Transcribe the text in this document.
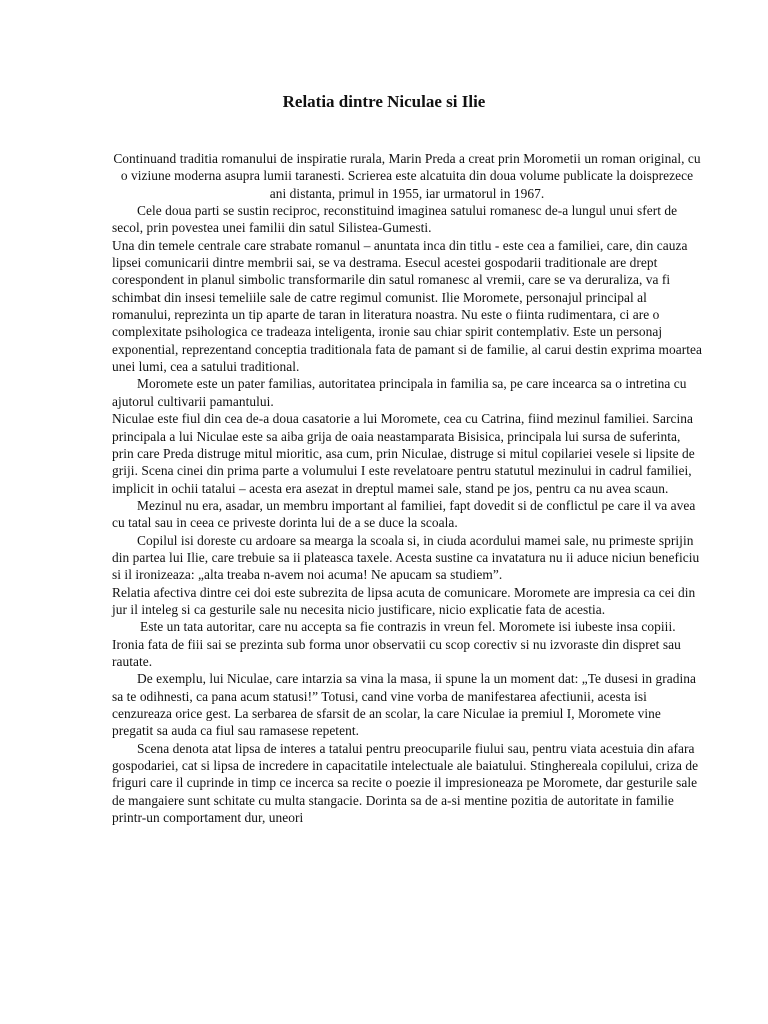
Relatia dintre Niculae si Ilie

Continuand traditia romanului de inspiratie rurala, Marin Preda a creat prin Morometii un roman original, cu o viziune moderna asupra lumii taranesti. Scrierea este alcatuita din doua volume publicate la doisprezece ani distanta, primul in 1955, iar urmatorul in 1967.

Cele doua parti se sustin reciproc, reconstituind imaginea satului romanesc de-a lungul unui sfert de secol, prin povestea unei familii din satul Silistea-Gumesti.

Una din temele centrale care strabate romanul – anuntata inca din titlu - este cea a familiei, care, din cauza lipsei comunicarii dintre membrii sai, se va destrama. Esecul acestei gospodarii traditionale are drept corespondent in planul simbolic transformarile din satul romanesc al vremii, care se va deruraliza, va fi schimbat din insesi temeliile sale de catre regimul comunist. Ilie Moromete, personajul principal al romanului, reprezinta un tip aparte de taran in literatura noastra. Nu este o fiinta rudimentara, ci are o complexitate psihologica ce tradeaza inteligenta, ironie sau chiar spirit contemplativ. Este un personaj exponential, reprezentand conceptia traditionala fata de pamant si de familie, al carui destin exprima moartea unei lumi, cea a satului traditional.

Moromete este un pater familias, autoritatea principala in familia sa, pe care incearca sa o intretina cu ajutorul cultivarii pamantului.

Niculae este fiul din cea de-a doua casatorie a lui Moromete, cea cu Catrina, fiind mezinul familiei. Sarcina principala a lui Niculae este sa aiba grija de oaia neastamparata Bisisica, principala lui sursa de suferinta, prin care Preda distruge mitul mioritic, asa cum, prin Niculae, distruge si mitul copilariei vesele si lipsite de griji. Scena cinei din prima parte a volumului I este revelatoare pentru statutul mezinului in cadrul familiei, implicit in ochii tatalui – acesta era asezat in dreptul mamei sale, stand pe jos, pentru ca nu avea scaun.

Mezinul nu era, asadar, un membru important al familiei, fapt dovedit si de conflictul pe care il va avea cu tatal sau in ceea ce priveste dorinta lui de a se duce la scoala.

Copilul isi doreste cu ardoare sa mearga la scoala si, in ciuda acordului mamei sale, nu primeste sprijin din partea lui Ilie, care trebuie sa ii plateasca taxele. Acesta sustine ca invatatura nu ii aduce niciun beneficiu si il ironizeaza: „alta treaba n-avem noi acuma! Ne apucam sa studiem”.

Relatia afectiva dintre cei doi este subrezita de lipsa acuta de comunicare. Moromete are impresia ca cei din jur il inteleg si ca gesturile sale nu necesita nicio justificare, nicio explicatie fata de acestia.

Este un tata autoritar, care nu accepta sa fie contrazis in vreun fel. Moromete isi iubeste insa copiii. Ironia fata de fiii sai se prezinta sub forma unor observatii cu scop corectiv si nu izvoraste din dispret sau rautate.

De exemplu, lui Niculae, care intarzia sa vina la masa, ii spune la un moment dat: „Te dusesi in gradina sa te odihnesti, ca pana acum statusi!” Totusi, cand vine vorba de manifestarea afectiunii, acesta isi cenzureaza orice gest. La serbarea de sfarsit de an scolar, la care Niculae ia premiul I, Moromete vine pregatit sa auda ca fiul sau ramasese repetent.

Scena denota atat lipsa de interes a tatalui pentru preocuparile fiului sau, pentru viata acestuia din afara gospodariei, cat si lipsa de incredere in capacitatile intelectuale ale baiatului. Stinghereala copilului, criza de friguri care il cuprinde in timp ce incerca sa recite o poezie il impresioneaza pe Moromete, dar gesturile sale de mangaiere sunt schitate cu multa stangacie. Dorinta sa de a-si mentine pozitia de autoritate in familie printr-un comportament dur, uneori
